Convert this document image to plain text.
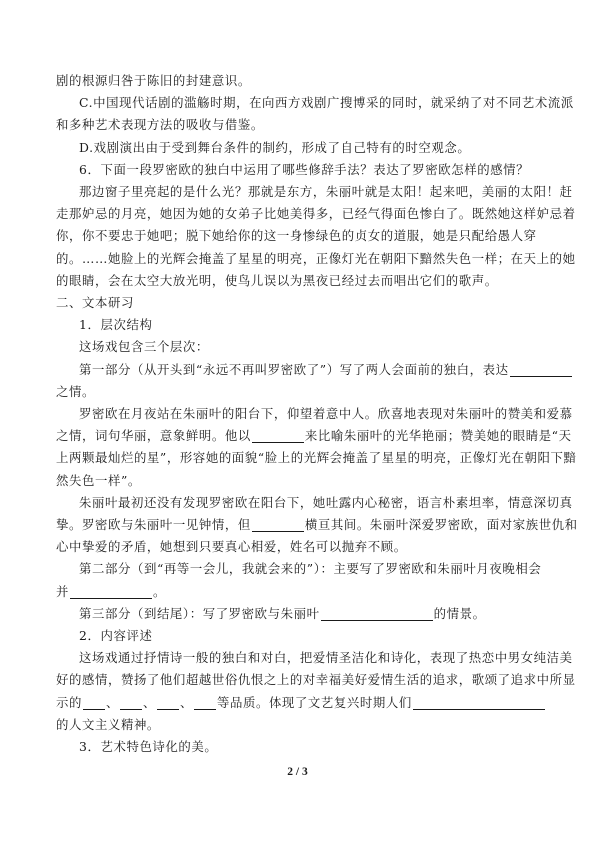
剧的根源归咎于陈旧的封建意识。
C.中国现代话剧的滥觞时期，在向西方戏剧广搜博采的同时，就采纳了对不同艺术流派
和多种艺术表现方法的吸收与借鉴。
D.戏剧演出由于受到舞台条件的制约，形成了自己特有的时空观念。
6．下面一段罗密欧的独白中运用了哪些修辞手法？表达了罗密欧怎样的感情？
那边窗子里亮起的是什么光？那就是东方，朱丽叶就是太阳！起来吧，美丽的太阳！赶
走那妒忌的月亮，她因为她的女弟子比她美得多，已经气得面色惨白了。既然她这样妒忌着
你，你不要忠于她吧；脱下她给你的这一身惨绿色的贞女的道服，她是只配给愚人穿
的。……她脸上的光辉会掩盖了星星的明亮，正像灯光在朝阳下黯然失色一样；在天上的她
的眼睛，会在太空大放光明，使鸟儿误以为黑夜已经过去而唱出它们的歌声。
二、文本研习
1．层次结构
这场戏包含三个层次：
第一部分（从开头到“永远不再叫罗密欧了”）写了两人会面前的独白，表达
之情。
罗密欧在月夜站在朱丽叶的阳台下，仰望着意中人。欣喜地表现对朱丽叶的赞美和爱慕
之情，词句华丽，意象鲜明。他以	来比喻朱丽叶的光华艳丽；赞美她的眼睛是“天
上两颗最灿烂的星”，形容她的面貌“脸上的光辉会掩盖了星星的明亮，正像灯光在朝阳下黯
然失色一样”。
朱丽叶最初还没有发现罗密欧在阳台下，她吐露内心秘密，语言朴素坦率，情意深切真
挚。罗密欧与朱丽叶一见钟情，但	横亘其间。朱丽叶深爱罗密欧，面对家族世仇和
心中挚爱的矛盾，她想到只要真心相爱，姓名可以抛弃不顾。
第二部分（到“再等一会儿，我就会来的”）：主要写了罗密欧和朱丽叶月夜晚相会
并	。
第三部分（到结尾）：写了罗密欧与朱丽叶	的情景。
2．内容评述
这场戏通过抒情诗一般的独白和对白，把爱情圣洁化和诗化，表现了热恋中男女纯洁美
好的感情，赞扬了他们超越世俗仇恨之上的对幸福美好爱情生活的追求，歌颂了追求中所显
示的 、 、 、 等品质。体现了文艺复兴时期人们
的人文主义精神。
3．艺术特色诗化的美。
2 / 3
